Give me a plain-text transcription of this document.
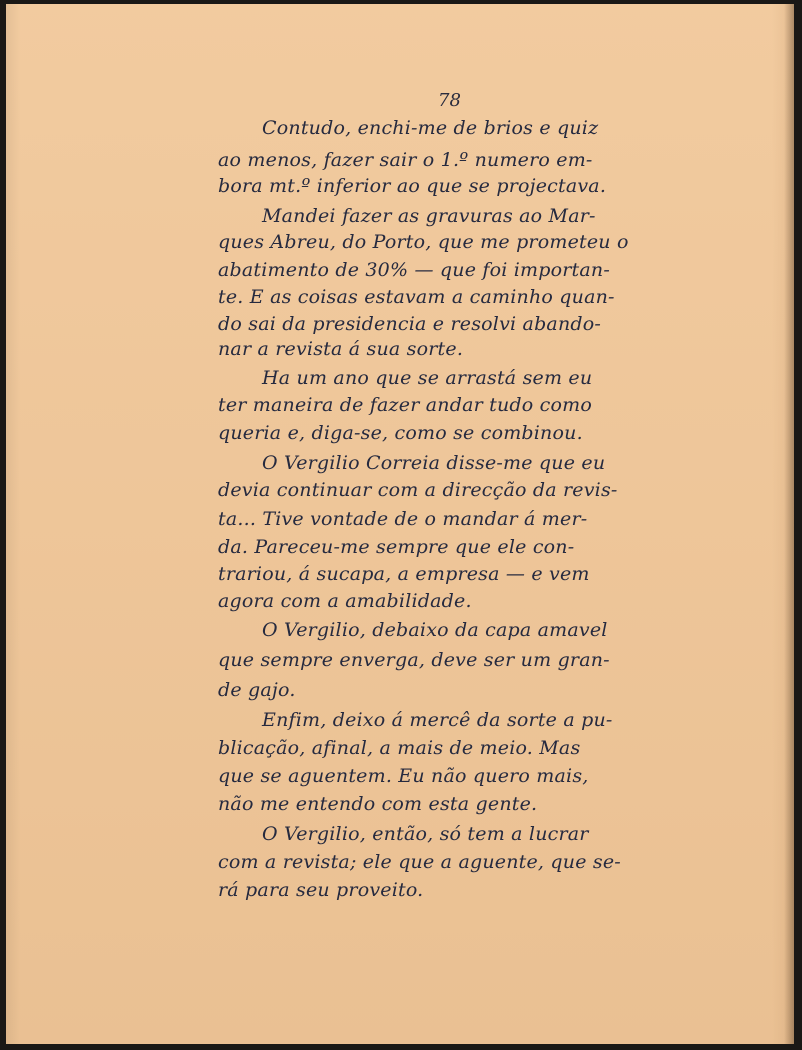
78
Contudo, enchi-me de brios e quiz
ao menos, fazer sair o 1.º numero em-
bora mt.º inferior ao que se projectava.
Mandei fazer as gravuras ao Mar-
ques Abreu, do Porto, que me prometeu o
abatimento de 30% — que foi importan-
te. E as coisas estavam a caminho quan-
do sai da presidencia e resolvi abando-
nar a revista á sua sorte.
Ha um ano que se arrastá sem eu
ter maneira de fazer andar tudo como
queria e, diga-se, como se combinou.
O Vergilio Correia disse-me que eu
devia continuar com a direcção da revis-
ta... Tive vontade de o mandar á mer-
da. Pareceu-me sempre que ele con-
trariou, á sucapa, a empresa — e vem
agora com a amabilidade.
O Vergilio, debaixo da capa amavel
que sempre enverga, deve ser um gran-
de gajo.
Enfim, deixo á mercê da sorte a pu-
blicação, afinal, a mais de meio. Mas
que se aguentem. Eu não quero mais,
não me entendo com esta gente.
O Vergilio, então, só tem a lucrar
com a revista; ele que a aguente, que se-
rá para seu proveito.
